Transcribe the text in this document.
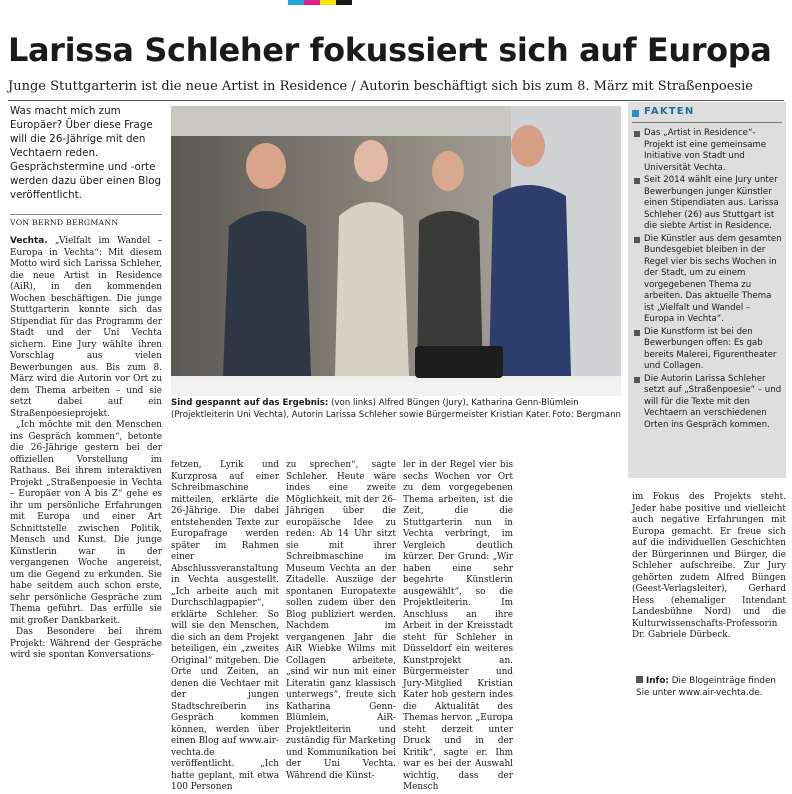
Larissa Schleher fokussiert sich auf Europa

Junge Stuttgarterin ist die neue Artist in Residence / Autorin beschäftigt sich bis zum 8. März mit Straßenpoesie

Was macht mich zum Europäer? Über diese Frage will die 26-Jährige mit den Vechtaern reden. Gesprächstermine und -orte werden dazu über einen Blog veröffentlicht.

VON BERND BERGMANN

Vechta. „Vielfalt im Wandel – Europa in Vechta“: Mit diesem Motto wird sich Larissa Schleher, die neue Artist in Residence (AiR), in den kommenden Wochen beschäftigen. Die junge Stuttgarterin konnte sich das Stipendiat für das Programm der Stadt und der Uni Vechta sichern. Eine Jury wählte ihren Vorschlag aus vielen Bewerbungen aus. Bis zum 8. März wird die Autorin vor Ort zu dem Thema arbeiten – und sie setzt dabei auf ein Straßenpoesieprojekt.

„Ich möchte mit den Menschen ins Gespräch kommen“, betonte die 26-Jährige gestern bei der offiziellen Vorstellung im Rathaus. Bei ihrem interaktiven Projekt „Straßenpoesie in Vechta – Europäer von A bis Z“ gehe es ihr um persönliche Erfahrungen mit Europa und einer Art Schnittstelle zwischen Politik, Mensch und Kunst. Die junge Künstlerin war in der vergangenen Woche angereist, um die Gegend zu erkunden. Sie habe seitdem auch schon erste, sehr persönliche Gespräche zum Thema geführt. Das erfülle sie mit großer Dankbarkeit.

Das Besondere bei ihrem Projekt: Während der Gespräche wird sie spontan Konversations-

Sind gespannt auf das Ergebnis: (von links) Alfred Büngen (Jury), Katharina Genn-Blümlein (Projektleiterin Uni Vechta), Autorin Larissa Schleher sowie Bürgermeister Kristian Kater. Foto: Bergmann

fetzen, Lyrik und Kurzprosa auf einer Schreibmaschine mitteilen, erklärte die 26-Jährige. Die dabei entstehenden Texte zur Europafrage werden später im Rahmen einer Abschlussveranstaltung in Vechta ausgestellt. „Ich arbeite auch mit Durchschlagpapier“, erklärte Schleher. So will sie den Menschen, die sich an dem Projekt beteiligen, ein „zweites Original“ mitgeben. Die Orte und Zeiten, an denen die Vechtaer mit der jungen Stadtschreiberin ins Gespräch kommen können, werden über einen Blog auf www.air-vechta.de veröffentlicht. „Ich hatte geplant, mit etwa 100 Personen

zu sprechen“, sagte Schleher. Heute wäre indes eine zweite Möglichkeit, mit der 26-Jährigen über die europäische Idee zu reden: Ab 14 Uhr sitzt sie mit ihrer Schreibmaschine im Museum Vechta an der Zitadelle. Auszüge der spontanen Europatexte sollen zudem über den Blog publiziert werden. Nachdem im vergangenen Jahr die AiR Wiebke Wilms mit Collagen arbeitete, „sind wir nun mit einer Literatin ganz klassisch unterwegs“, freute sich Katharina Genn-Blümlein, AiR-Projektleiterin und zuständig für Marketing und Kommunikation bei der Uni Vechta. Während die Künst-

ler in der Regel vier bis sechs Wochen vor Ort zu dem vorgegebenen Thema arbeiten, ist die Zeit, die die Stuttgarterin nun in Vechta verbringt, im Vergleich deutlich kürzer. Der Grund: „Wir haben eine sehr begehrte Künstlerin ausgewählt“, so die Projektleiterin. Im Anschluss an ihre Arbeit in der Kreisstadt steht für Schleher in Düsseldorf ein weiteres Kunstprojekt an. Bürgermeister und Jury-Mitglied Kristian Kater hob gestern indes die Aktualität des Themas hervor. „Europa steht derzeit unter Druck und in der Kritik“, sagte er. Ihm war es bei der Auswahl wichtig, dass der Mensch

im Fokus des Projekts steht. Jeder habe positive und vielleicht auch negative Erfahrungen mit Europa gemacht. Er freue sich auf die individuellen Geschichten der Bürgerinnen und Bürger, die Schleher aufschreibe. Zur Jury gehörten zudem Alfred Büngen (Geest-Verlagsleiter), Gerhard Hess (ehemaliger Intendant Landesbühne Nord) und die Kulturwissenschafts-Professorin Dr. Gabriele Dürbeck.

FAKTEN
Das „Artist in Residence“-Projekt ist eine gemeinsame Initiative von Stadt und Universität Vechta.
Seit 2014 wählt eine Jury unter Bewerbungen junger Künstler einen Stipendiaten aus. Larissa Schleher (26) aus Stuttgart ist die siebte Artist in Residence.
Die Künstler aus dem gesamten Bundesgebiet bleiben in der Regel vier bis sechs Wochen in der Stadt, um zu einem vorgegebenen Thema zu arbeiten. Das aktuelle Thema ist „Vielfalt und Wandel – Europa in Vechta“.
Die Kunstform ist bei den Bewerbungen offen: Es gab bereits Malerei, Figurentheater und Collagen.
Die Autorin Larissa Schleher setzt auf „Straßenpoesie“ – und will für die Texte mit den Vechtaern an verschiedenen Orten ins Gespräch kommen.

Info: Die Blogeinträge finden Sie unter www.air-vechta.de.
